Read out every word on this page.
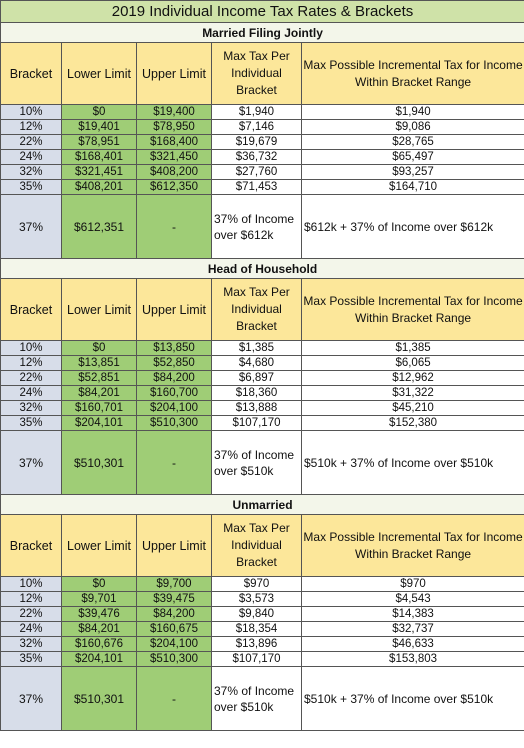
2019 Individual Income Tax Rates & Brackets				
Married Filing Jointly				
Bracket	Lower Limit	Upper Limit	Max Tax Per Individual Bracket	Max Possible Incremental Tax for Income Within Bracket Range
10%	$0	$19,400	$1,940	$1,940
12%	$19,401	$78,950	$7,146	$9,086
22%	$78,951	$168,400	$19,679	$28,765
24%	$168,401	$321,450	$36,732	$65,497
32%	$321,451	$408,200	$27,760	$93,257
35%	$408,201	$612,350	$71,453	$164,710
37%	$612,351	-	37% of Income over $612k	$612k + 37% of Income over $612k
Head of Household				
Bracket	Lower Limit	Upper Limit	Max Tax Per Individual Bracket	Max Possible Incremental Tax for Income Within Bracket Range
10%	$0	$13,850	$1,385	$1,385
12%	$13,851	$52,850	$4,680	$6,065
22%	$52,851	$84,200	$6,897	$12,962
24%	$84,201	$160,700	$18,360	$31,322
32%	$160,701	$204,100	$13,888	$45,210
35%	$204,101	$510,300	$107,170	$152,380
37%	$510,301	-	37% of Income over $510k	$510k + 37% of Income over $510k
Unmarried				
Bracket	Lower Limit	Upper Limit	Max Tax Per Individual Bracket	Max Possible Incremental Tax for Income Within Bracket Range
10%	$0	$9,700	$970	$970
12%	$9,701	$39,475	$3,573	$4,543
22%	$39,476	$84,200	$9,840	$14,383
24%	$84,201	$160,675	$18,354	$32,737
32%	$160,676	$204,100	$13,896	$46,633
35%	$204,101	$510,300	$107,170	$153,803
37%	$510,301	-	37% of Income over $510k	$510k + 37% of Income over $510k
